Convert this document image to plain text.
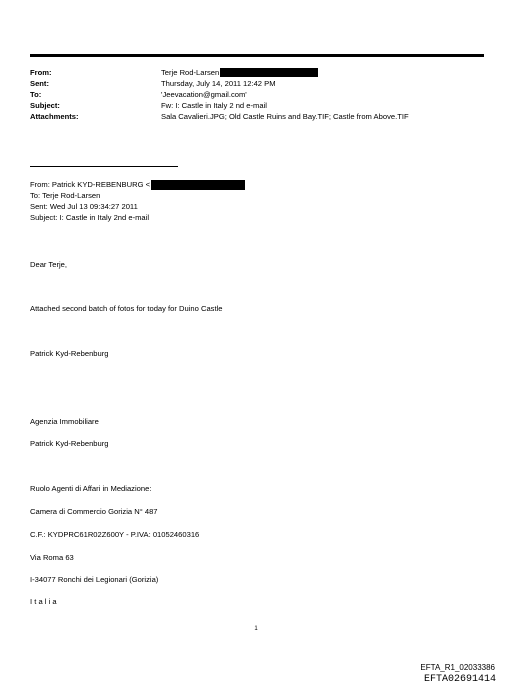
From:	Terje Rod-Larsen
Sent:	Thursday, July 14, 2011 12:42 PM
To:	'Jeevacation@gmail.com'
Subject:	Fw: I: Castle in Italy 2 nd e-mail
Attachments:	Sala Cavalieri.JPG; Old Castle Ruins and Bay.TIF; Castle from Above.TIF
From: Patrick KYD-REBENBURG <
To: Terje Rod-Larsen
Sent: Wed Jul 13 09:34:27 2011
Subject: I: Castle in Italy 2nd e-mail
Dear Terje,
Attached second batch of fotos for today for Duino Castle
Patrick Kyd-Rebenburg
Agenzia Immobiliare
Patrick Kyd-Rebenburg
Ruolo Agenti di Affari in Mediazione:
Camera di Commercio Gorizia N° 487
C.F.: KYDPRC61R02Z600Y - P.IVA: 01052460316
Via Roma 63
I-34077 Ronchi dei Legionari (Gorizia)
I t a l i a
1
EFTA_R1_02033386
EFTA02691414
